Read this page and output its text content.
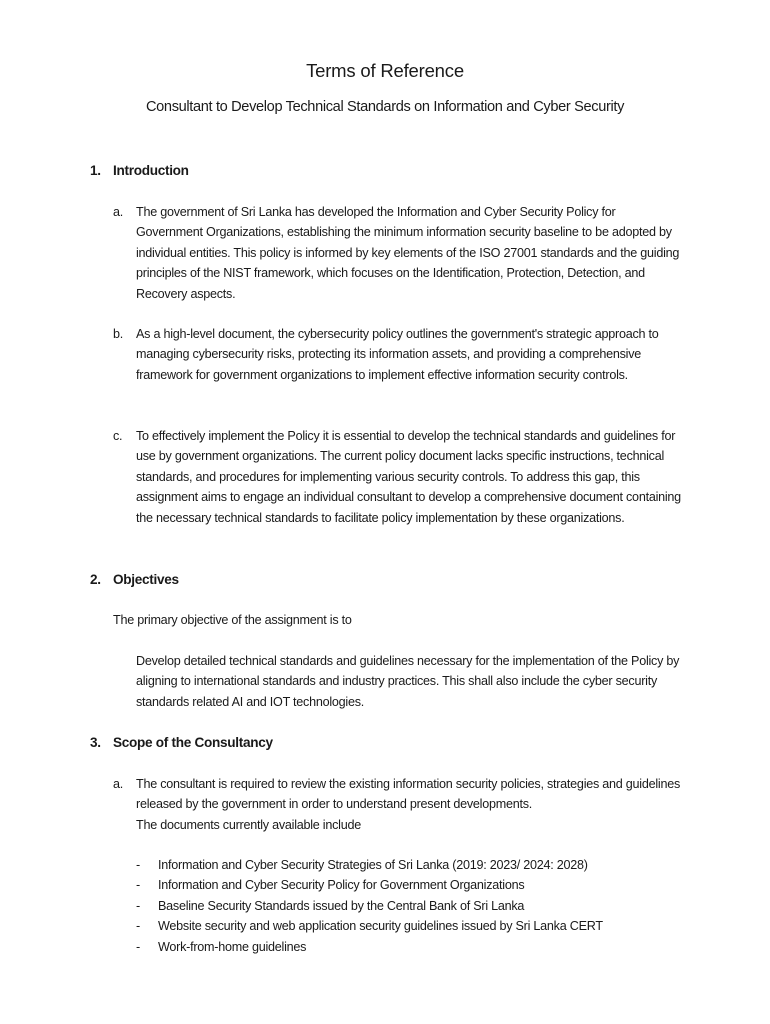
Terms of Reference
Consultant to Develop Technical Standards on Information and Cyber Security
1. Introduction
a. The government of Sri Lanka has developed the Information and Cyber Security Policy for Government Organizations, establishing the minimum information security baseline to be adopted by individual entities. This policy is informed by key elements of the ISO 27001 standards and the guiding principles of the NIST framework, which focuses on the Identification, Protection, Detection, and Recovery aspects.
b. As a high-level document, the cybersecurity policy outlines the government's strategic approach to managing cybersecurity risks, protecting its information assets, and providing a comprehensive framework for government organizations to implement effective information security controls.
c. To effectively implement the Policy it is essential to develop the technical standards and guidelines for use by government organizations. The current policy document lacks specific instructions, technical standards, and procedures for implementing various security controls. To address this gap, this assignment aims to engage an individual consultant to develop a comprehensive document containing the necessary technical standards to facilitate policy implementation by these organizations.
2. Objectives
The primary objective of the assignment is to
Develop detailed technical standards and guidelines necessary for the implementation of the Policy by aligning to international standards and industry practices. This shall also include the cyber security standards related AI and IOT technologies.
3. Scope of the Consultancy
a. The consultant is required to review the existing information security policies, strategies and guidelines released by the government in order to understand present developments.
The documents currently available include
- Information and Cyber Security Strategies of Sri Lanka (2019: 2023/ 2024: 2028)
- Information and Cyber Security Policy for Government Organizations
- Baseline Security Standards issued by the Central Bank of Sri Lanka
- Website security and web application security guidelines issued by Sri Lanka CERT
- Work-from-home guidelines
